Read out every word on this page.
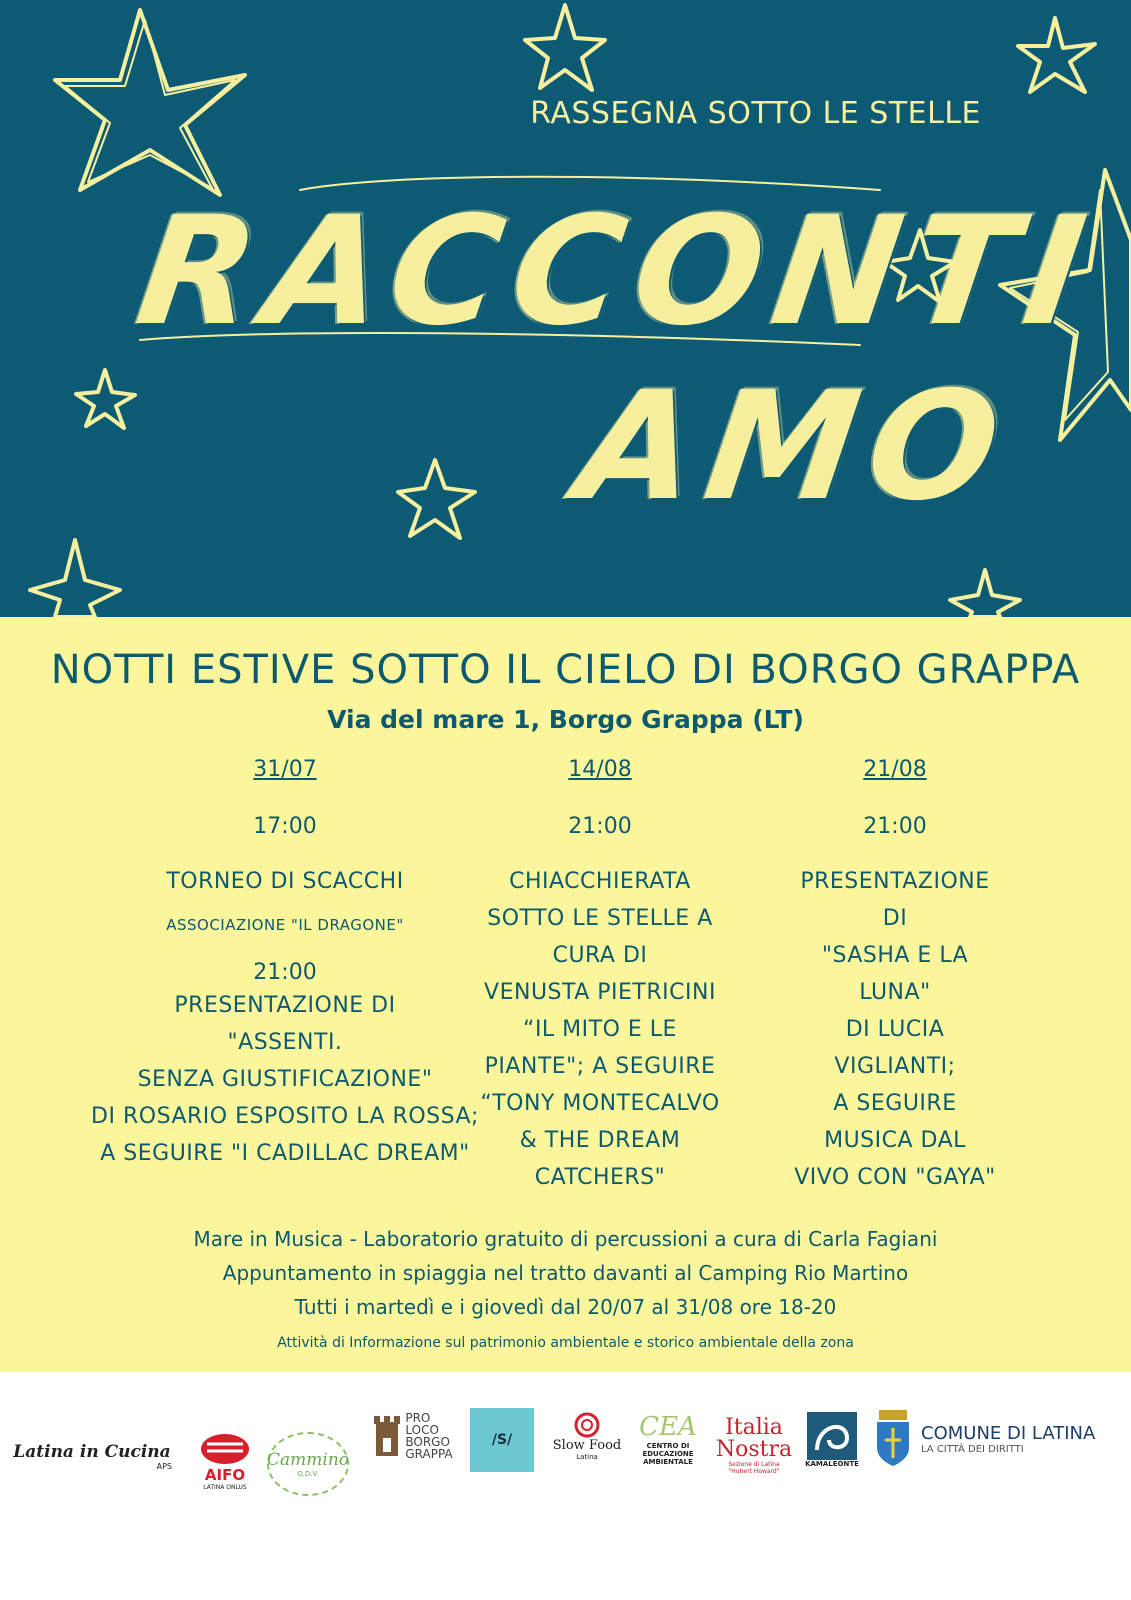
RASSEGNA SOTTO LE STELLE
RACCONTI
AMO
NOTTI ESTIVE SOTTO IL CIELO DI BORGO GRAPPA
Via del mare 1, Borgo Grappa (LT)
31/07
17:00
TORNEO DI SCACCHI
ASSOCIAZIONE "IL DRAGONE"
21:00
PRESENTAZIONE DI
"ASSENTI.
SENZA GIUSTIFICAZIONE"
DI ROSARIO ESPOSITO LA ROSSA;
A SEGUIRE "I CADILLAC DREAM"
14/08
21:00
CHIACCHIERATA
SOTTO LE STELLE A
CURA DI
VENUSTA PIETRICINI
“IL MITO E LE
PIANTE"; A SEGUIRE
“TONY MONTECALVO
& THE DREAM
CATCHERS"
21/08
21:00
PRESENTAZIONE
DI
"SASHA E LA
LUNA"
DI LUCIA
VIGLIANTI;
A SEGUIRE
MUSICA DAL
VIVO CON "GAYA"
Mare in Musica - Laboratorio gratuito di percussioni a cura di Carla Fagiani
Appuntamento in spiaggia nel tratto davanti al Camping Rio Martino
Tutti i martedì e i giovedì dal 20/07 al 31/08 ore 18-20
Attività di Informazione sul patrimonio ambientale e storico ambientale della zona
Latina in Cucina
APS AIFO
LATINA ONLUS
Cammino
O.D.V.
PRO
LOCO
BORGO
GRAPPA
/S/	Slow Food
Latina
CEA
CENTRO DI
EDUCAZIONE
AMBIENTALE
Italia
Nostra
Sezione di Latina
"Hubert Howard"
KAMALEONTE
COMUNE DI LATINA
LA CITTÀ DEI DIRITTI
